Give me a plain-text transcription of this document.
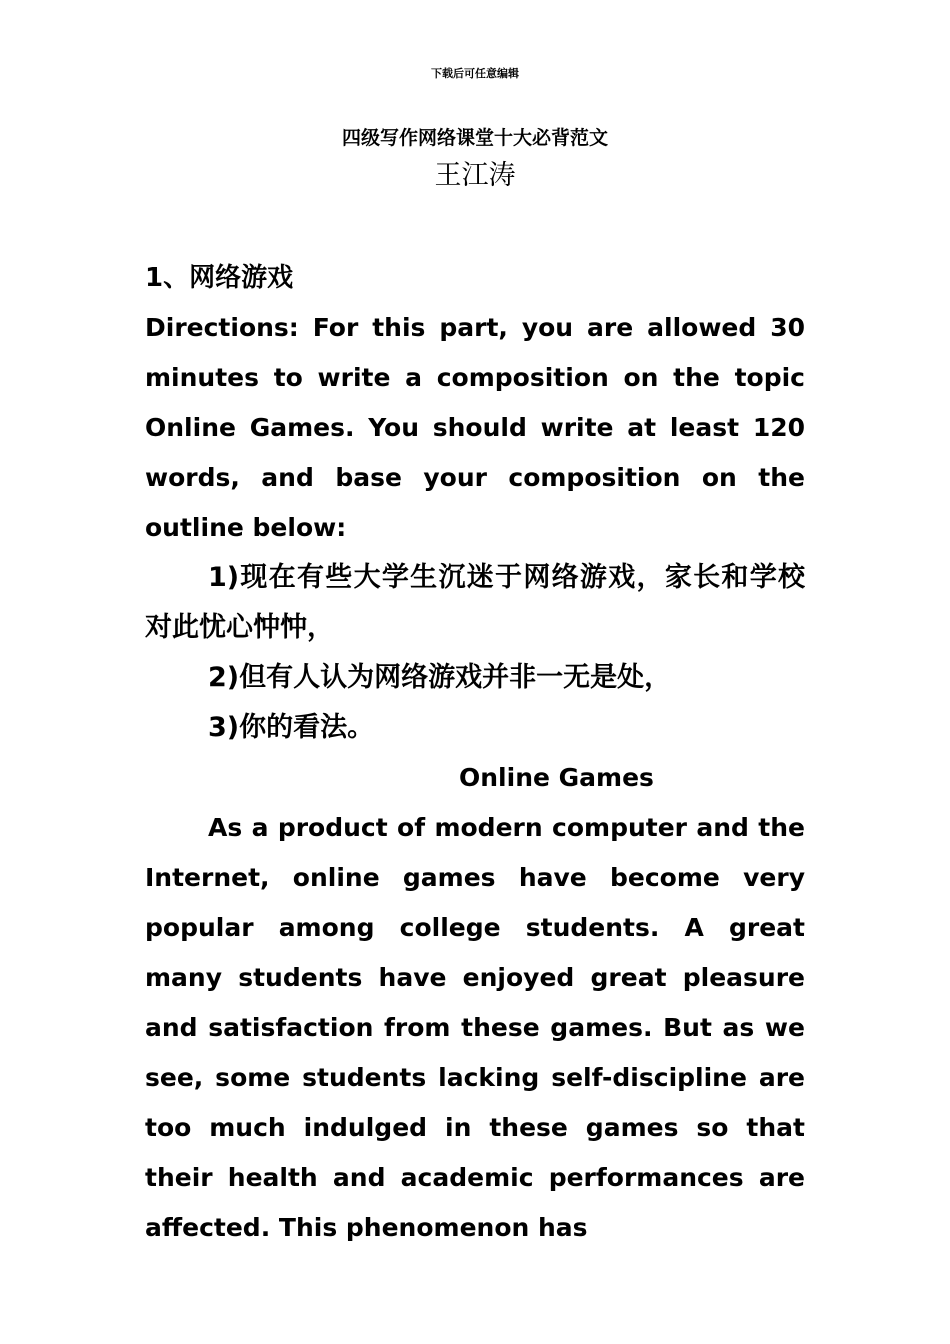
下载后可任意编辑
四级写作网络课堂十大必背范文
王江涛

1、网络游戏

Directions: For this part, you are allowed 30 minutes to write a composition on the topic Online Games. You should write at least 120 words, and base your composition on the outline below:

1)现在有些大学生沉迷于网络游戏，家长和学校对此忧心忡忡，

2)但有人认为网络游戏并非一无是处，

3)你的看法。

Online Games

As a product of modern computer and the Internet, online games have become very popular among college students. A great many students have enjoyed great pleasure and satisfaction from these games. But as we see, some students lacking self-discipline are too much indulged in these games so that their health and academic performances are affected. This phenomenon has
